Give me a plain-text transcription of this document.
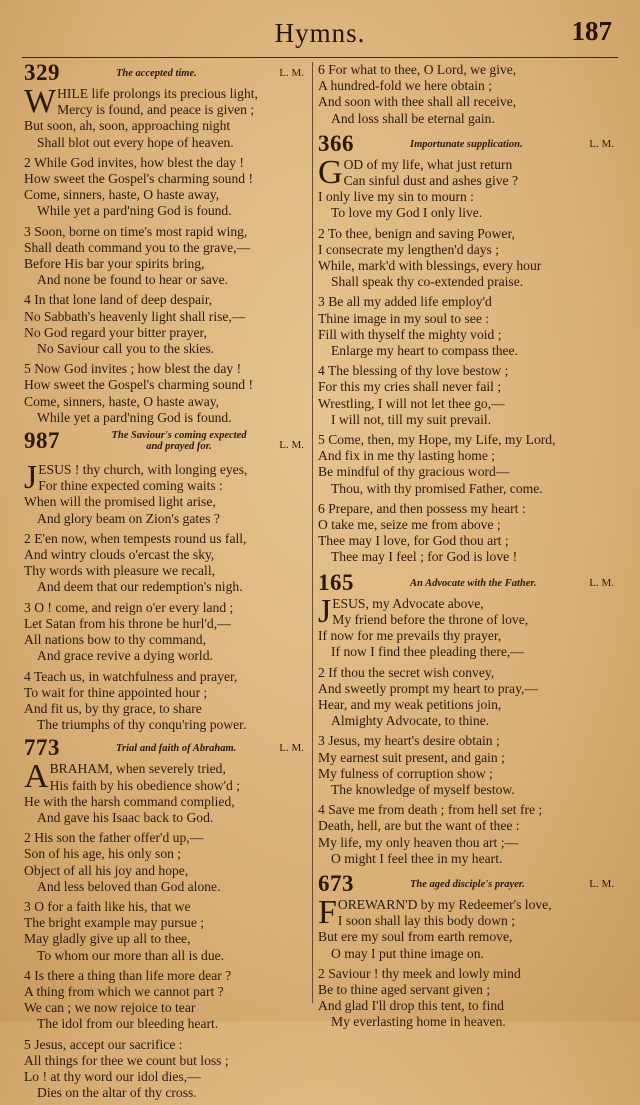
Hymns.	187
329	The accepted time.	L. M.
W HILE life prolongs its precious light,
Mercy is found, and peace is given ;
But soon, ah, soon, approaching night
Shall blot out every hope of heaven.
2 While God invites, how blest the day !
How sweet the Gospel's charming sound !
Come, sinners, haste, O haste away,
While yet a pard'ning God is found.
3 Soon, borne on time's most rapid wing,
Shall death command you to the grave,—
Before His bar your spirits bring,
And none be found to hear or save.
4 In that lone land of deep despair,
No Sabbath's heavenly light shall rise,—
No God regard your bitter prayer,
No Saviour call you to the skies.
5 Now God invites ; how blest the day !
How sweet the Gospel's charming sound !
Come, sinners, haste, O haste away,
While yet a pard'ning God is found.
987	The Saviour's coming expected and prayed for.	L. M.
J ESUS ! thy church, with longing eyes,
For thine expected coming waits :
When will the promised light arise,
And glory beam on Zion's gates ?
2 E'en now, when tempests round us fall,
And wintry clouds o'ercast the sky,
Thy words with pleasure we recall,
And deem that our redemption's nigh.
3 O ! come, and reign o'er every land ;
Let Satan from his throne be hurl'd,—
All nations bow to thy command,
And grace revive a dying world.
4 Teach us, in watchfulness and prayer,
To wait for thine appointed hour ;
And fit us, by thy grace, to share
The triumphs of thy conqu'ring power.
773	Trial and faith of Abraham.	L. M.
A BRAHAM, when severely tried,
His faith by his obedience show'd ;
He with the harsh command complied,
And gave his Isaac back to God.
2 His son the father offer'd up,—
Son of his age, his only son ;
Object of all his joy and hope,
And less beloved than God alone.
3 O for a faith like his, that we
The bright example may pursue ;
May gladly give up all to thee,
To whom our more than all is due.
4 Is there a thing than life more dear ?
A thing from which we cannot part ?
We can ; we now rejoice to tear
The idol from our bleeding heart.
5 Jesus, accept our sacrifice :
All things for thee we count but loss ;
Lo ! at thy word our idol dies,—
Dies on the altar of thy cross.
6 For what to thee, O Lord, we give,
A hundred-fold we here obtain ;
And soon with thee shall all receive,
And loss shall be eternal gain.
366	Importunate supplication.	L. M.
G OD of my life, what just return
Can sinful dust and ashes give ?
I only live my sin to mourn :
To love my God I only live.
2 To thee, benign and saving Power,
I consecrate my lengthen'd days ;
While, mark'd with blessings, every hour
Shall speak thy co-extended praise.
3 Be all my added life employ'd
Thine image in my soul to see :
Fill with thyself the mighty void ;
Enlarge my heart to compass thee.
4 The blessing of thy love bestow ;
For this my cries shall never fail ;
Wrestling, I will not let thee go,—
I will not, till my suit prevail.
5 Come, then, my Hope, my Life, my Lord,
And fix in me thy lasting home ;
Be mindful of thy gracious word—
Thou, with thy promised Father, come.
6 Prepare, and then possess my heart :
O take me, seize me from above ;
Thee may I love, for God thou art ;
Thee may I feel ; for God is love !
165	An Advocate with the Father.	L. M.
J ESUS, my Advocate above,
My friend before the throne of love,
If now for me prevails thy prayer,
If now I find thee pleading there,—
2 If thou the secret wish convey,
And sweetly prompt my heart to pray,—
Hear, and my weak petitions join,
Almighty Advocate, to thine.
3 Jesus, my heart's desire obtain ;
My earnest suit present, and gain ;
My fulness of corruption show ;
The knowledge of myself bestow.
4 Save me from death ; from hell set fre ;
Death, hell, are but the want of thee :
My life, my only heaven thou art ;—
O might I feel thee in my heart.
673	The aged disciple's prayer.	L. M.
F OREWARN'D by my Redeemer's love,
I soon shall lay this body down ;
But ere my soul from earth remove,
O may I put thine image on.
2 Saviour ! thy meek and lowly mind
Be to thine aged servant given ;
And glad I'll drop this tent, to find
My everlasting home in heaven.
